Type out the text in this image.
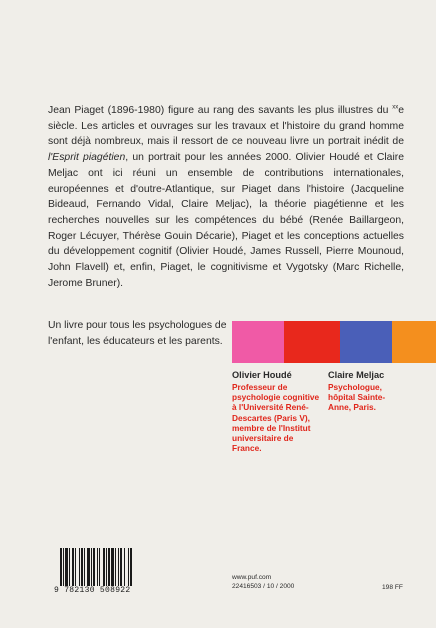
Jean Piaget (1896-1980) figure au rang des savants les plus illustres du $^{xx}$e siècle. Les articles et ouvrages sur les travaux et l'histoire du grand homme sont déjà nombreux, mais il ressort de ce nouveau livre un portrait inédit de l'Esprit piagétien, un portrait pour les années 2000. Olivier Houdé et Claire Meljac ont ici réuni un ensemble de contributions internationales, européennes et d'outre-Atlantique, sur Piaget dans l'histoire (Jacqueline Bideaud, Fernando Vidal, Claire Meljac), la théorie piagétienne et les recherches nouvelles sur les compétences du bébé (Renée Baillargeon, Roger Lécuyer, Thérèse Gouin Décarie), Piaget et les conceptions actuelles du développement cognitif (Olivier Houdé, James Russell, Pierre Mounoud, John Flavell) et, enfin, Piaget, le cognitivisme et Vygotsky (Marc Richelle, Jerome Bruner).

Un livre pour tous les psychologues de l'enfant, les éducateurs et les parents.

Olivier Houdé
Professeur de psychologie cognitive à l'Université René-Descartes (Paris V), membre de l'Institut universitaire de France.
Claire Meljac
Psychologue, hôpital Sainte-Anne, Paris.
9 782130 508922
www.puf.com
22416503 / 10 / 2000	198 FF
